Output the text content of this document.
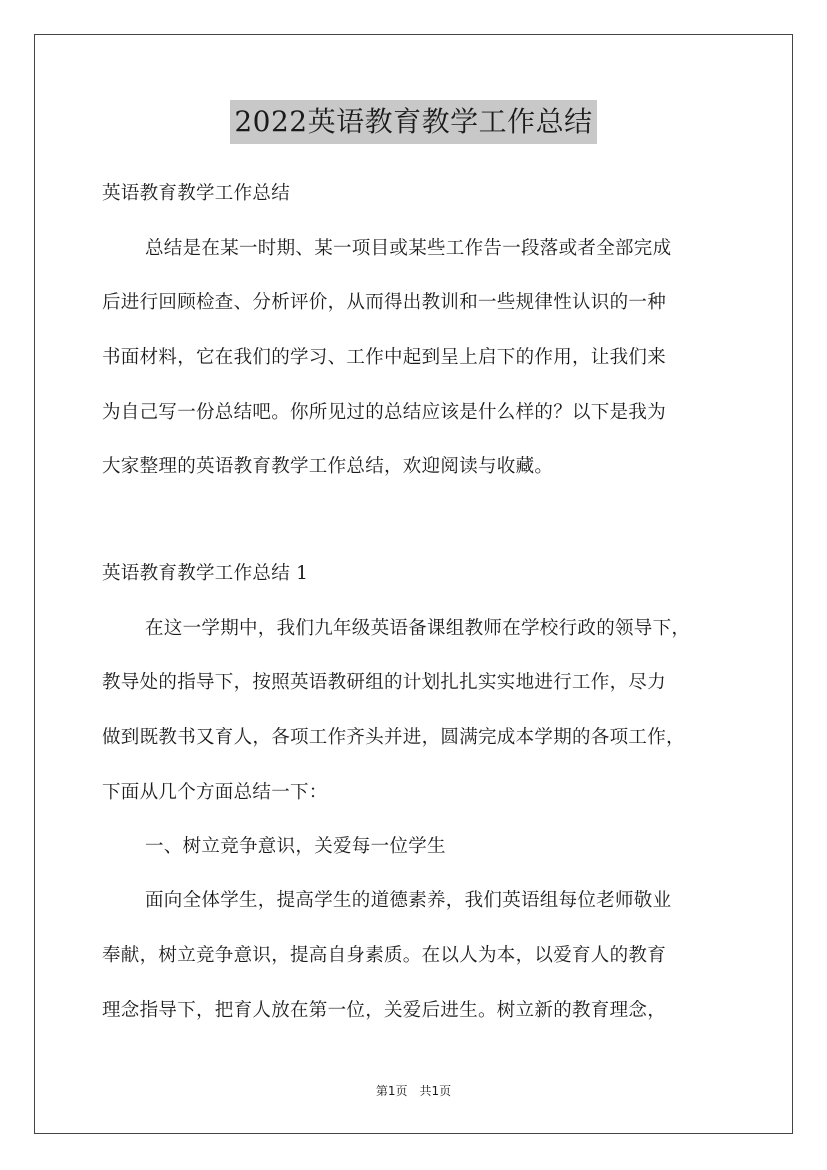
2022英语教育教学工作总结
英语教育教学工作总结
总结是在某一时期、某一项目或某些工作告一段落或者全部完成
后进行回顾检查、分析评价，从而得出教训和一些规律性认识的一种
书面材料，它在我们的学习、工作中起到呈上启下的作用，让我们来
为自己写一份总结吧。你所见过的总结应该是什么样的？以下是我为
大家整理的英语教育教学工作总结，欢迎阅读与收藏。
英语教育教学工作总结 1
在这一学期中，我们九年级英语备课组教师在学校行政的领导下，
教导处的指导下，按照英语教研组的计划扎扎实实地进行工作，尽力
做到既教书又育人，各项工作齐头并进，圆满完成本学期的各项工作，
下面从几个方面总结一下：
一、树立竞争意识，关爱每一位学生
面向全体学生，提高学生的道德素养，我们英语组每位老师敬业
奉献，树立竞争意识，提高自身素质。在以人为本，以爱育人的教育
理念指导下，把育人放在第一位，关爱后进生。树立新的教育理念，
第1页　共1页
